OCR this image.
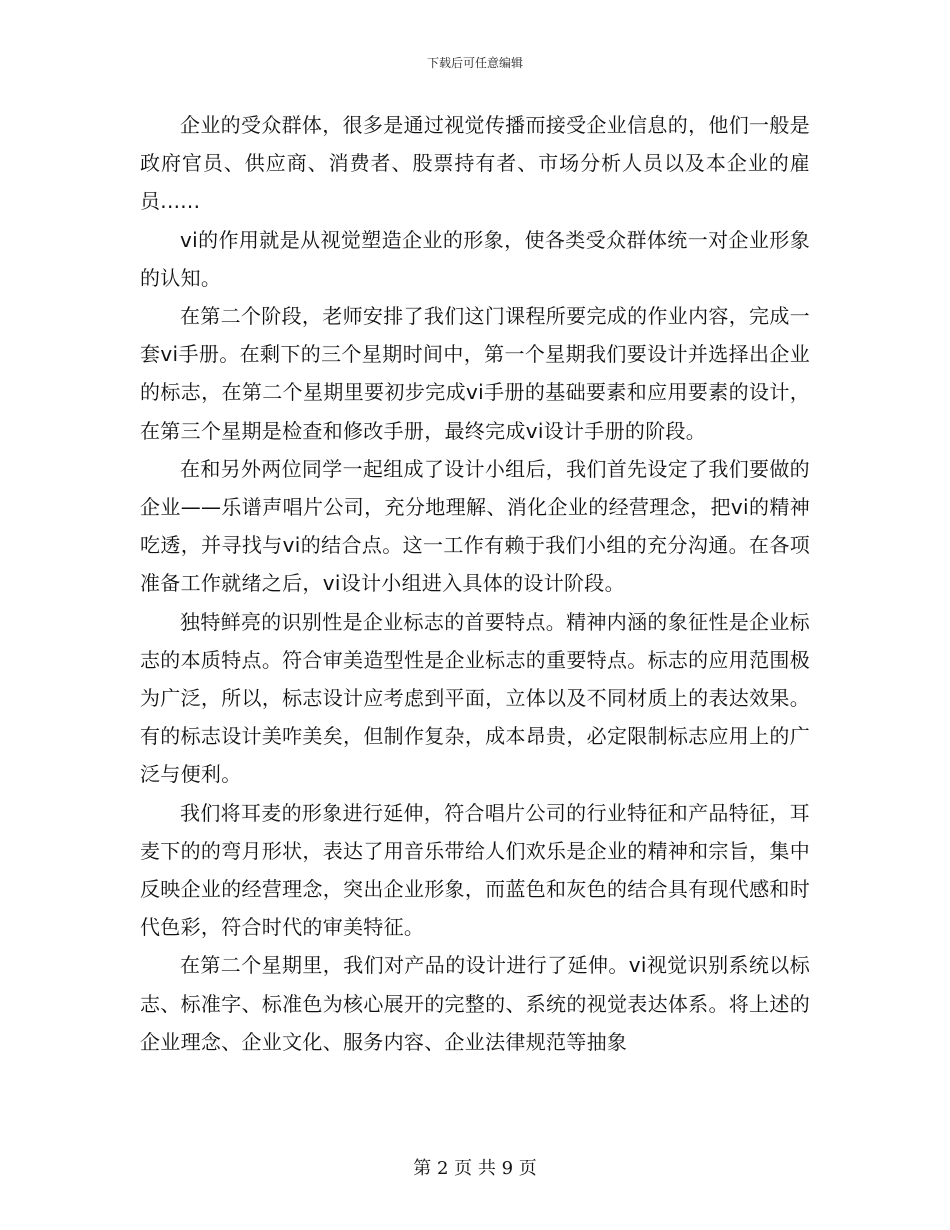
下载后可任意编辑

企业的受众群体，很多是通过视觉传播而接受企业信息的，他们一般是政府官员、供应商、消费者、股票持有者、市场分析人员以及本企业的雇员......

vi的作用就是从视觉塑造企业的形象，使各类受众群体统一对企业形象的认知。

在第二个阶段，老师安排了我们这门课程所要完成的作业内容，完成一套vi手册。在剩下的三个星期时间中，第一个星期我们要设计并选择出企业的标志，在第二个星期里要初步完成vi手册的基础要素和应用要素的设计，在第三个星期是检查和修改手册，最终完成vi设计手册的阶段。

在和另外两位同学一起组成了设计小组后，我们首先设定了我们要做的企业——乐谱声唱片公司，充分地理解、消化企业的经营理念，把vi的精神吃透，并寻找与vi的结合点。这一工作有赖于我们小组的充分沟通。在各项准备工作就绪之后，vi设计小组进入具体的设计阶段。

独特鲜亮的识别性是企业标志的首要特点。精神内涵的象征性是企业标志的本质特点。符合审美造型性是企业标志的重要特点。标志的应用范围极为广泛，所以，标志设计应考虑到平面，立体以及不同材质上的表达效果。有的标志设计美咋美矣，但制作复杂，成本昂贵，必定限制标志应用上的广泛与便利。

我们将耳麦的形象进行延伸，符合唱片公司的行业特征和产品特征，耳麦下的的弯月形状，表达了用音乐带给人们欢乐是企业的精神和宗旨，集中反映企业的经营理念，突出企业形象，而蓝色和灰色的结合具有现代感和时代色彩，符合时代的审美特征。

在第二个星期里，我们对产品的设计进行了延伸。vi视觉识别系统以标志、标准字、标准色为核心展开的完整的、系统的视觉表达体系。将上述的企业理念、企业文化、服务内容、企业法律规范等抽象

第 2 页 共 9 页
